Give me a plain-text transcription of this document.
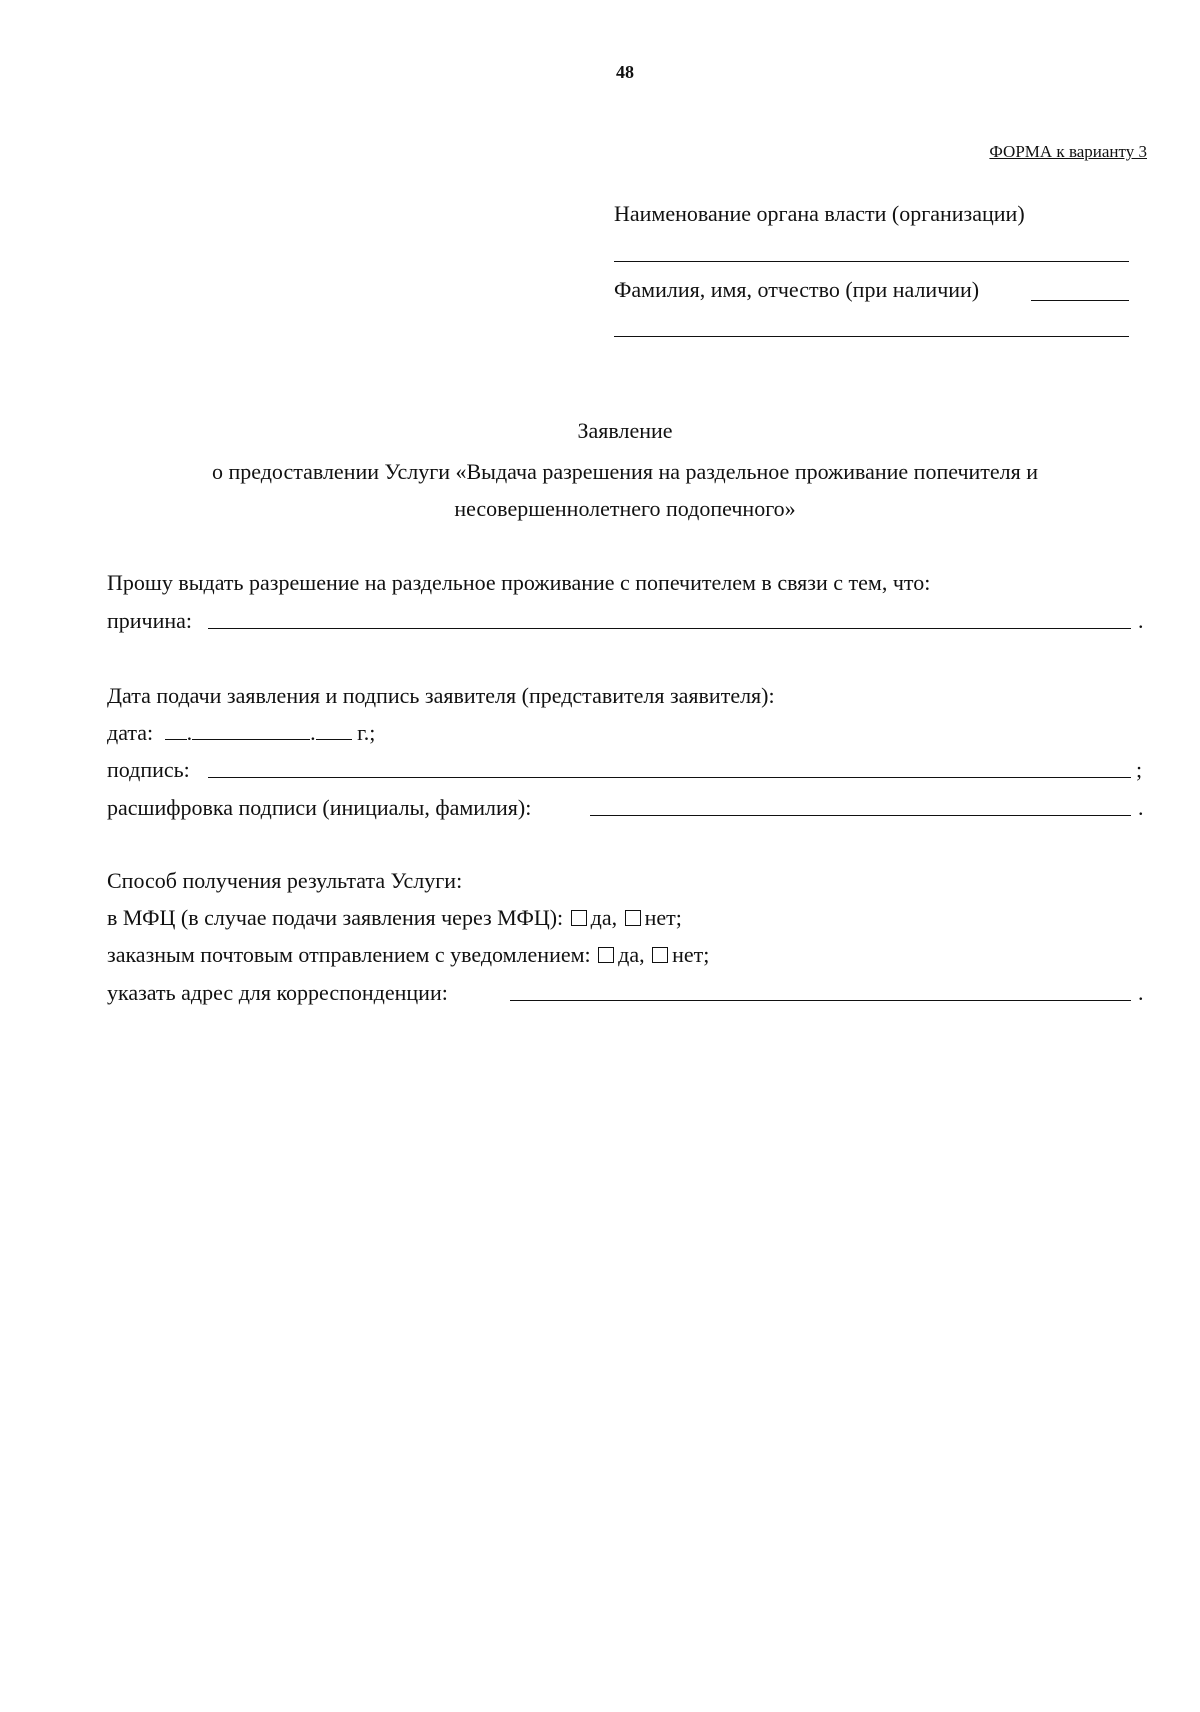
48
ФОРМА к варианту 3
Наименование органа власти (организации)
Фамилия, имя, отчество (при наличии)
Заявление
о предоставлении Услуги «Выдача разрешения на раздельное проживание попечителя и
несовершеннолетнего подопечного»
Прошу выдать разрешение на раздельное проживание с попечителем в связи с тем, что:
причина:	.
Дата подачи заявления и подпись заявителя (представителя заявителя):
дата: .	. г.;
подпись:	;
расшифровка подписи (инициалы, фамилия):	.
Способ получения результата Услуги:
в МФЦ (в случае подачи заявления через МФЦ): да, нет;
заказным почтовым отправлением с уведомлением: да, нет;
указать адрес для корреспонденции:	.
